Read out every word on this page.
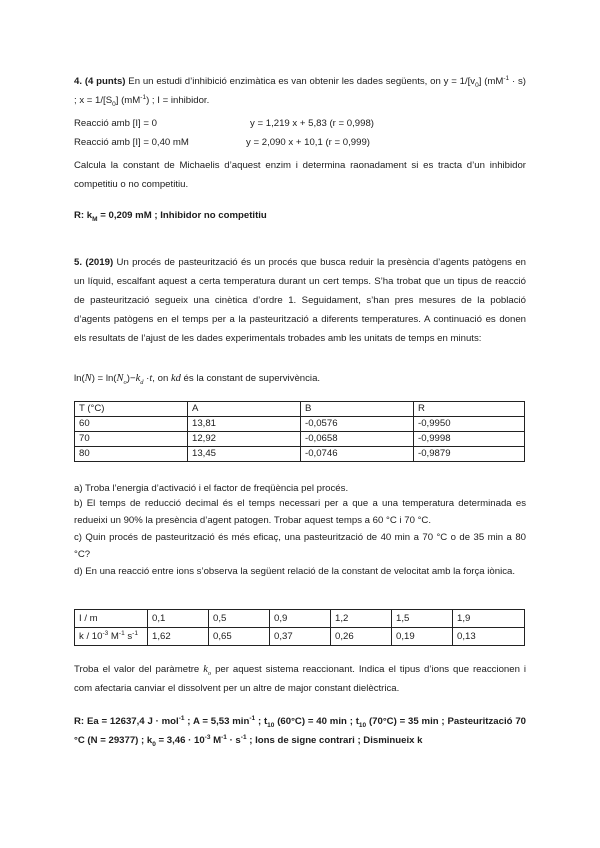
4. (4 punts) En un estudi d’inhibició enzimàtica es van obtenir les dades següents, on $y = 1/[v_0] (mM^{-1} \cdot s)$ ; $x = 1/[S_0]$ $(mM^{-1})$ ; I = inhibidor.

Reacció amb [I] = 0	y = 1,219 x + 5,83 (r = 0,998)
Reacció amb [I] = 0,40 mM	y = 2,090 x + 10,1 (r = 0,999)

Calcula la constant de Michaelis d’aquest enzim i determina raonadament si es tracta d’un inhibidor competitiu o no competitiu.

R: $k_M = 0,209$ mM ; Inhibidor no competitiu

5. (2019) Un procés de pasteurització és un procés que busca reduir la presència d’agents patògens en un líquid, escalfant aquest a certa temperatura durant un cert temps. S’ha trobat que un tipus de reacció de pasteurització segueix una cinètica d’ordre 1. Seguidament, s’han pres mesures de la població d’agents patògens en el temps per a la pasteurització a diferents temperatures. A continuació es donen els resultats de l’ajust de les dades experimentals trobades amb les unitats de temps en minuts:

$\ln(N) = \ln(N_o)-k_d \cdot t$, on kd és la constant de supervivència.
T (°C)	A	B	R
60	13,81	-0,0576	-0,9950
70	12,92	-0,0658	-0,9998
80	13,45	-0,0746	-0,9879
a) Troba l’energia d’activació i el factor de freqüència pel procés.

b) El temps de reducció decimal és el temps necessari per a que a una temperatura determinada es redueixi un 90% la presència d’agent patogen. Trobar aquest temps a 60 °C i 70 °C.

c) Quin procés de pasteurització és més eficaç, una pasteurització de 40 min a 70 °C o de 35 min a 80 °C?

d) En una reacció entre ions s’observa la següent relació de la constant de velocitat amb la força iònica.

I / m	0,1	0,5	0,9	1,2	1,5	1,9
k / $10^{-3}$ $M^{-1}$ $s^{-1}$	1,62	0,65	0,37	0,26	0,19	0,13

Troba el valor del paràmetre $k_o$ per aquest sistema reaccionant. Indica el tipus d’ions que reaccionen i com afectaria canviar el dissolvent per un altre de major constant dielèctrica.

R: Ea = 12637,4 J · mol$^{-1}$ ; A = 5,53 $\min^{-1}$ ; $t_{10}$ (60°C) = 40 min ; $t_{10}$ (70°C) = 35 min ; Pasteurització 70 °C (N = 29377) ; $k_0 = 3,46 \cdot 10^{-3}$ $M^{-1} \cdot s^{-1}$ ; Ions de signe contrari ; Disminueix k
